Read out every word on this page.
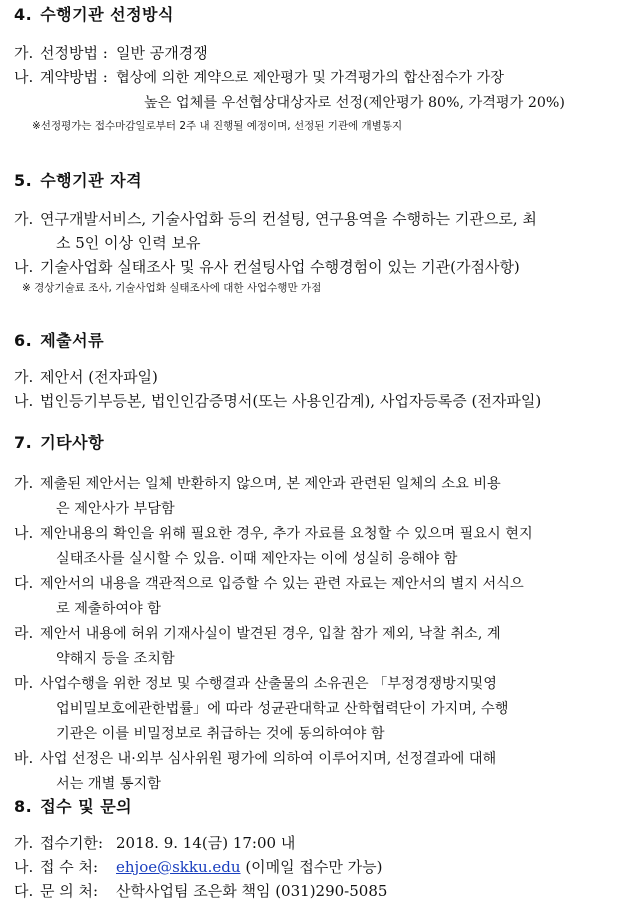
4. 수행기관 선정방식
가. 선정방법 : 일반 공개경쟁
나. 계약방법 : 협상에 의한 계약으로 제안평가 및 가격평가의 합산점수가 가장
높은 업체를 우선협상대상자로 선정(제안평가 80%, 가격평가 20%)
※선정평가는 접수마감일로부터 2주 내 진행될 예정이며, 선정된 기관에 개별통지
5. 수행기관 자격
가. 연구개발서비스, 기술사업화 등의 컨설팅, 연구용역을 수행하는 기관으로, 최
소 5인 이상 인력 보유
나. 기술사업화 실태조사 및 유사 컨설팅사업 수행경험이 있는 기관(가점사항)
※ 경상기술료 조사, 기술사업화 실태조사에 대한 사업수행만 가점
6. 제출서류
가. 제안서 (전자파일)
나. 법인등기부등본, 법인인감증명서(또는 사용인감계), 사업자등록증 (전자파일)
7. 기타사항
가. 제출된 제안서는 일체 반환하지 않으며, 본 제안과 관련된 일체의 소요 비용
은 제안사가 부담함
나. 제안내용의 확인을 위해 필요한 경우, 추가 자료를 요청할 수 있으며 필요시 현지
실태조사를 실시할 수 있음. 이때 제안자는 이에 성실히 응해야 함
다. 제안서의 내용을 객관적으로 입증할 수 있는 관련 자료는 제안서의 별지 서식으
로 제출하여야 함
라. 제안서 내용에 허위 기재사실이 발견된 경우, 입찰 참가 제외, 낙찰 취소, 계
약해지 등을 조치함
마. 사업수행을 위한 정보 및 수행결과 산출물의 소유권은 「부정경쟁방지및영
업비밀보호에관한법률」에 따라 성균관대학교 산학협력단이 가지며, 수행
기관은 이를 비밀정보로 취급하는 것에 동의하여야 함
바. 사업 선정은 내·외부 심사위원 평가에 의하여 이루어지며, 선정결과에 대해
서는 개별 통지함
8. 접수 및 문의
가. 접수기한: 2018. 9. 14(금) 17:00 내
나. 접 수 처: ehjoe@skku.edu (이메일 접수만 가능)
다. 문 의 처: 산학사업팀 조은화 책임 (031)290-5085
